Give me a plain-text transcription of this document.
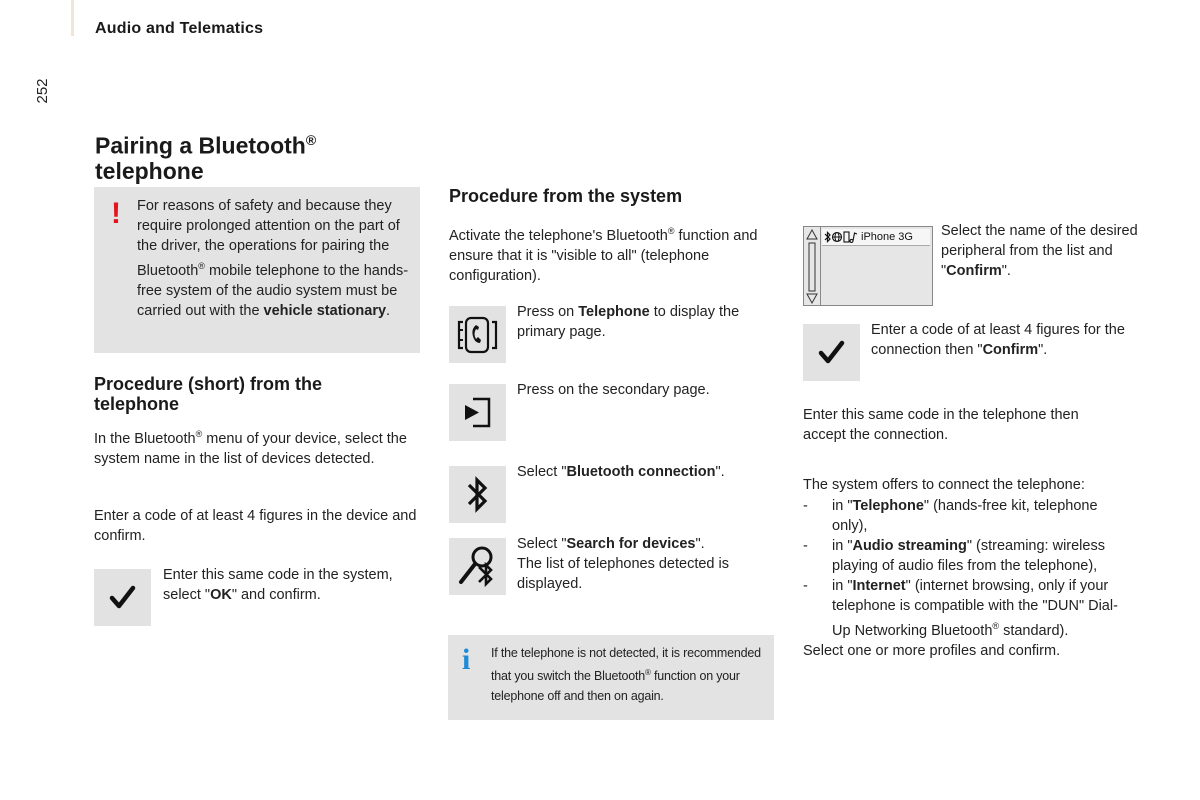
Audio and Telematics
252
Pairing a Bluetooth®
telephone
! For reasons of safety and because they require prolonged attention on the part of the driver, the operations for pairing the Bluetooth® mobile telephone to the hands-free system of the audio system must be carried out with the vehicle stationary.
Procedure (short) from the telephone
In the Bluetooth® menu of your device, select the system name in the list of devices detected.
Enter a code of at least 4 figures in the device and confirm.
Enter this same code in the system, select "OK" and confirm.
Procedure from the system
Activate the telephone's Bluetooth® function and ensure that it is "visible to all" (telephone configuration).
Press on Telephone to display the primary page.
Press on the secondary page.
Select "Bluetooth connection".
Select "Search for devices".
The list of telephones detected is displayed.
i If the telephone is not detected, it is recommended that you switch the Bluetooth® function on your telephone off and then on again.
iPhone 3G Select the name of the desired peripheral from the list and "Confirm".
Enter a code of at least 4 figures for the connection then "Confirm".
Enter this same code in the telephone then accept the connection.
The system offers to connect the telephone:
- in "Telephone" (hands-free kit, telephone only),
- in "Audio streaming" (streaming: wireless playing of audio files from the telephone),
- in "Internet" (internet browsing, only if your telephone is compatible with the "DUN" Dial-Up Networking Bluetooth® standard).
Select one or more profiles and confirm.
